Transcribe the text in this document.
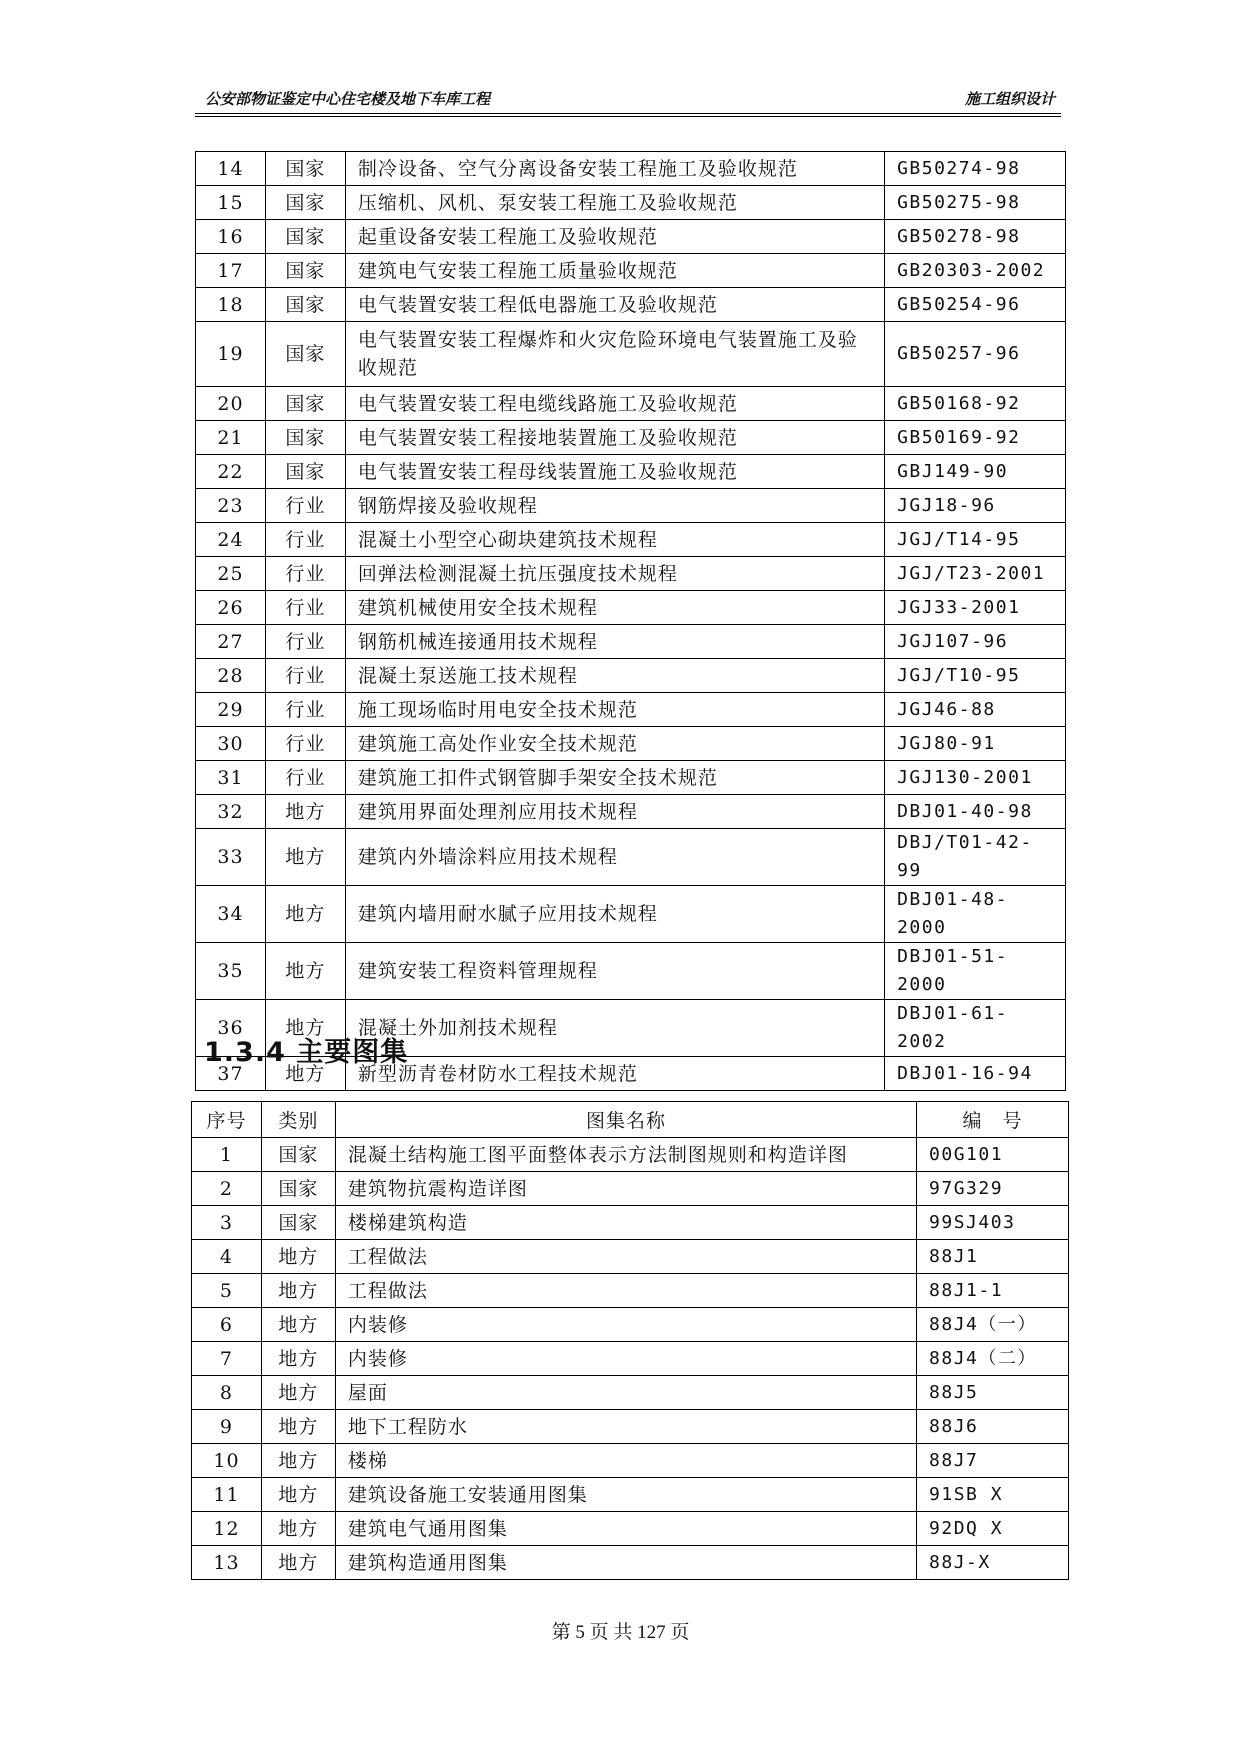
公安部物证鉴定中心住宅楼及地下车库工程	施工组织设计
14	国家	制冷设备、空气分离设备安装工程施工及验收规范	GB50274-98
15	国家	压缩机、风机、泵安装工程施工及验收规范	GB50275-98
16	国家	起重设备安装工程施工及验收规范	GB50278-98
17	国家	建筑电气安装工程施工质量验收规范	GB20303-2002
18	国家	电气装置安装工程低电器施工及验收规范	GB50254-96
19	国家	电气装置安装工程爆炸和火灾危险环境电气装置施工及验收规范	GB50257-96
20	国家	电气装置安装工程电缆线路施工及验收规范	GB50168-92
21	国家	电气装置安装工程接地装置施工及验收规范	GB50169-92
22	国家	电气装置安装工程母线装置施工及验收规范	GBJ149-90
23	行业	钢筋焊接及验收规程	JGJ18-96
24	行业	混凝土小型空心砌块建筑技术规程	JGJ/T14-95
25	行业	回弹法检测混凝土抗压强度技术规程	JGJ/T23-2001
26	行业	建筑机械使用安全技术规程	JGJ33-2001
27	行业	钢筋机械连接通用技术规程	JGJ107-96
28	行业	混凝土泵送施工技术规程	JGJ/T10-95
29	行业	施工现场临时用电安全技术规范	JGJ46-88
30	行业	建筑施工高处作业安全技术规范	JGJ80-91
31	行业	建筑施工扣件式钢管脚手架安全技术规范	JGJ130-2001
32	地方	建筑用界面处理剂应用技术规程	DBJ01-40-98
33	地方	建筑内外墙涂料应用技术规程	DBJ/T01-42-99
34	地方	建筑内墙用耐水腻子应用技术规程	DBJ01-48-2000
35	地方	建筑安装工程资料管理规程	DBJ01-51-2000
36	地方	混凝土外加剂技术规程	DBJ01-61-2002
37	地方	新型沥青卷材防水工程技术规范	DBJ01-16-94
1.3.4 主要图集
序号	类别	图集名称	编　号
1	国家	混凝土结构施工图平面整体表示方法制图规则和构造详图	00G101
2	国家	建筑物抗震构造详图	97G329
3	国家	楼梯建筑构造	99SJ403
4	地方	工程做法	88J1
5	地方	工程做法	88J1-1
6	地方	内装修	88J4（一）
7	地方	内装修	88J4（二）
8	地方	屋面	88J5
9	地方	地下工程防水	88J6
10	地方	楼梯	88J7
11	地方	建筑设备施工安装通用图集	91SB X
12	地方	建筑电气通用图集	92DQ X
13	地方	建筑构造通用图集	88J-X
第 5 页 共 127 页
